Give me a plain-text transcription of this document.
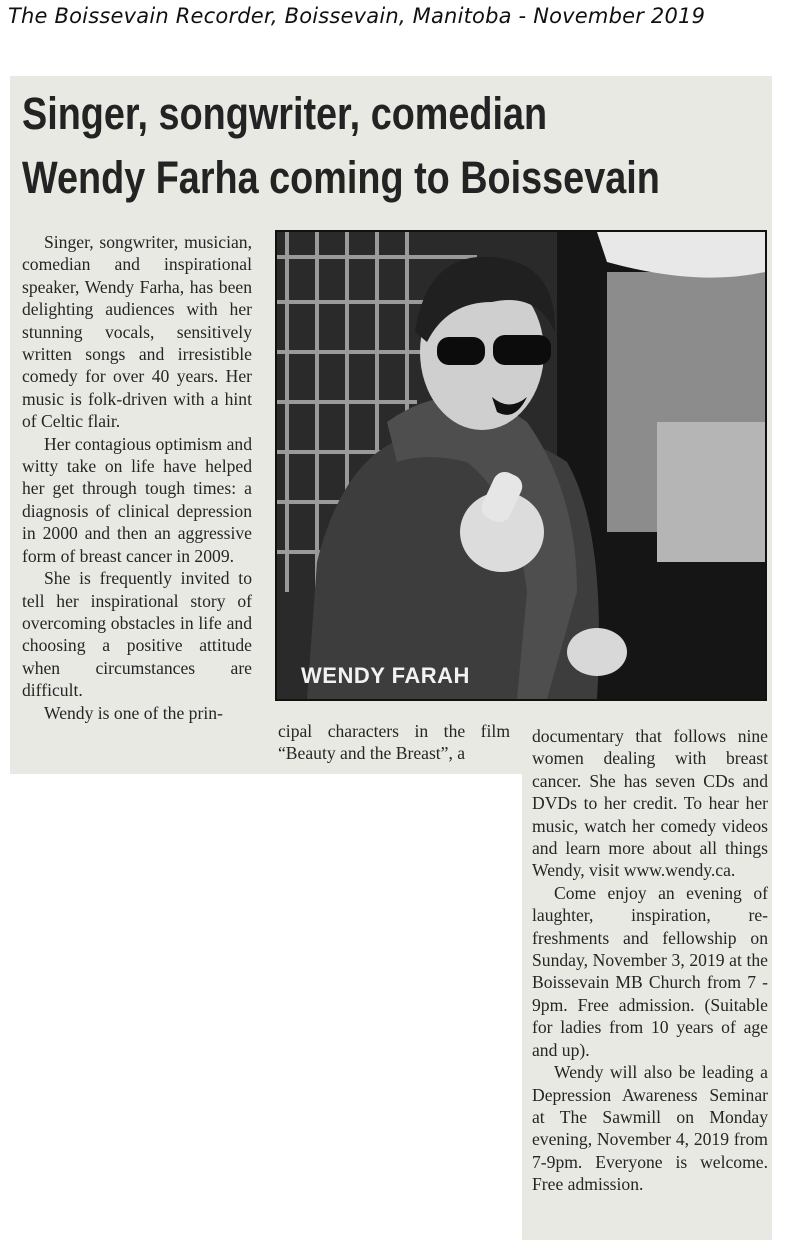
The Boissevain Recorder, Boissevain, Manitoba - November 2019
Singer, songwriter, comedian
Wendy Farha coming to Boissevain

Singer, songwriter, musician, comedian and inspirational speaker, Wendy Farha, has been delighting audiences with her stunning vocals, sensitively written songs and irresistible comedy for over 40 years. Her music is folk-driven with a hint of Celtic flair.

Her contagious optimism and witty take on life have helped her get through tough times: a diagnosis of clinical depression in 2000 and then an aggressive form of breast cancer in 2009.

She is frequently invited to tell her inspirational story of overcoming obstacles in life and choosing a positive attitude when circumstances are difficult.

Wendy is one of the prin-

WENDY FARAH

cipal characters in the film “Beauty and the Breast”, a

documentary that follows nine women dealing with breast cancer. She has seven CDs and DVDs to her credit. To hear her music, watch her comedy videos and learn more about all things Wendy, visit www.wendy.ca.

Come enjoy an evening of laughter, inspiration, refreshments and fellowship on Sunday, November 3, 2019 at the Boissevain MB Church from 7 - 9pm. Free admission. (Suitable for ladies from 10 years of age and up).

Wendy will also be leading a Depression Awareness Seminar at The Sawmill on Monday evening, November 4, 2019 from 7-9pm. Everyone is welcome. Free admission.
